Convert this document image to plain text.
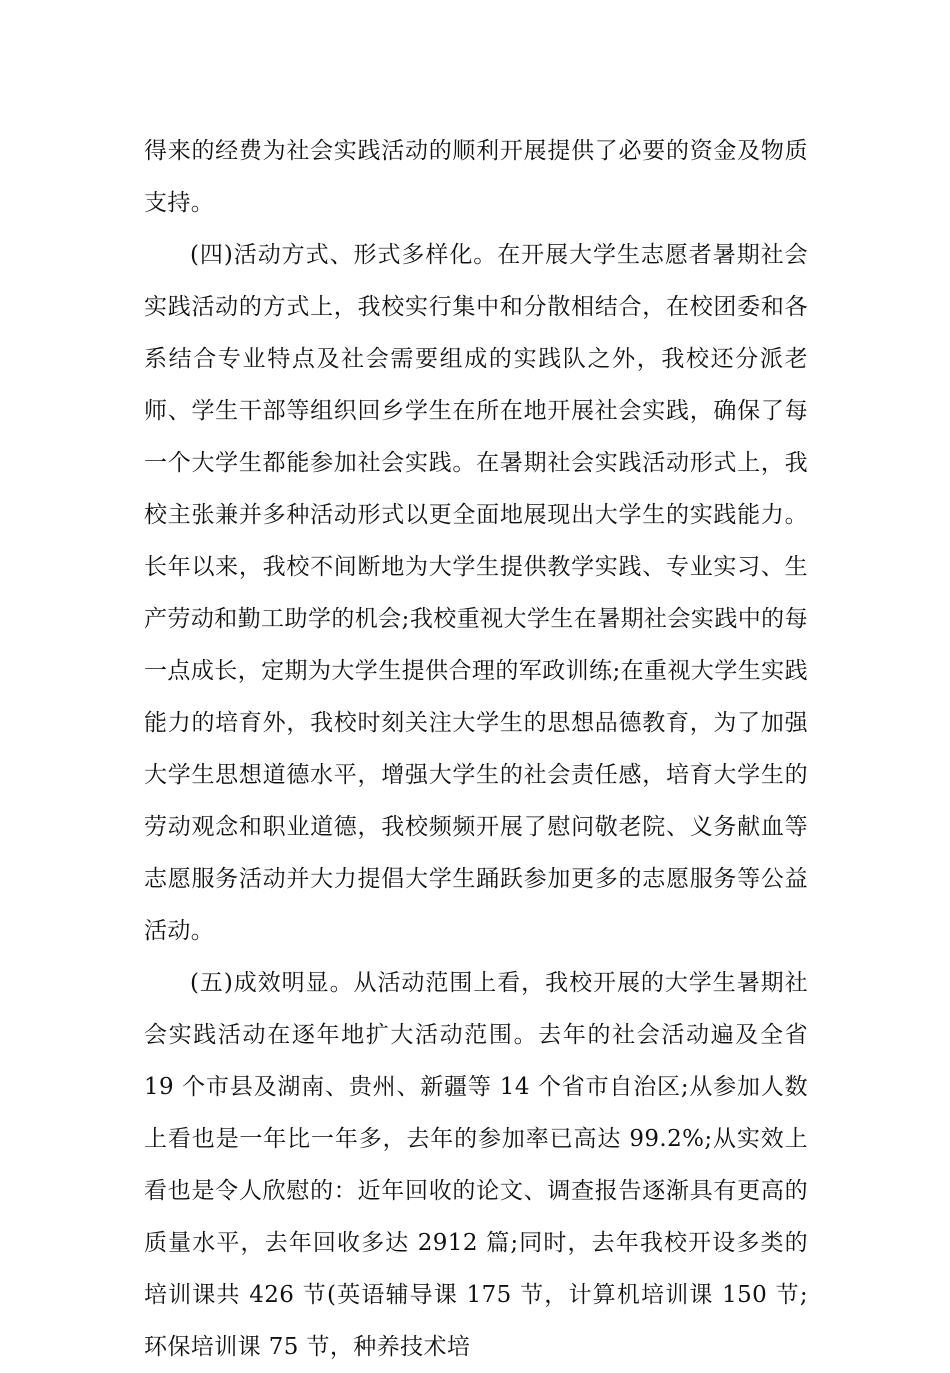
得来的经费为社会实践活动的顺利开展提供了必要的资金及物质支持。

(四)活动方式、形式多样化。在开展大学生志愿者暑期社会实践活动的方式上，我校实行集中和分散相结合，在校团委和各系结合专业特点及社会需要组成的实践队之外，我校还分派老师、学生干部等组织回乡学生在所在地开展社会实践，确保了每一个大学生都能参加社会实践。在暑期社会实践活动形式上，我校主张兼并多种活动形式以更全面地展现出大学生的实践能力。长年以来，我校不间断地为大学生提供教学实践、专业实习、生产劳动和勤工助学的机会;我校重视大学生在暑期社会实践中的每一点成长，定期为大学生提供合理的军政训练;在重视大学生实践能力的培育外，我校时刻关注大学生的思想品德教育，为了加强大学生思想道德水平，增强大学生的社会责任感，培育大学生的劳动观念和职业道德，我校频频开展了慰问敬老院、义务献血等志愿服务活动并大力提倡大学生踊跃参加更多的志愿服务等公益活动。

(五)成效明显。从活动范围上看，我校开展的大学生暑期社会实践活动在逐年地扩大活动范围。去年的社会活动遍及全省 19 个市县及湖南、贵州、新疆等 14 个省市自治区;从参加人数上看也是一年比一年多，去年的参加率已高达 99.2%;从实效上看也是令人欣慰的：近年回收的论文、调查报告逐渐具有更高的质量水平，去年回收多达 2912 篇;同时，去年我校开设多类的培训课共 426 节(英语辅导课 175 节，计算机培训课 150 节;环保培训课 75 节，种养技术培
